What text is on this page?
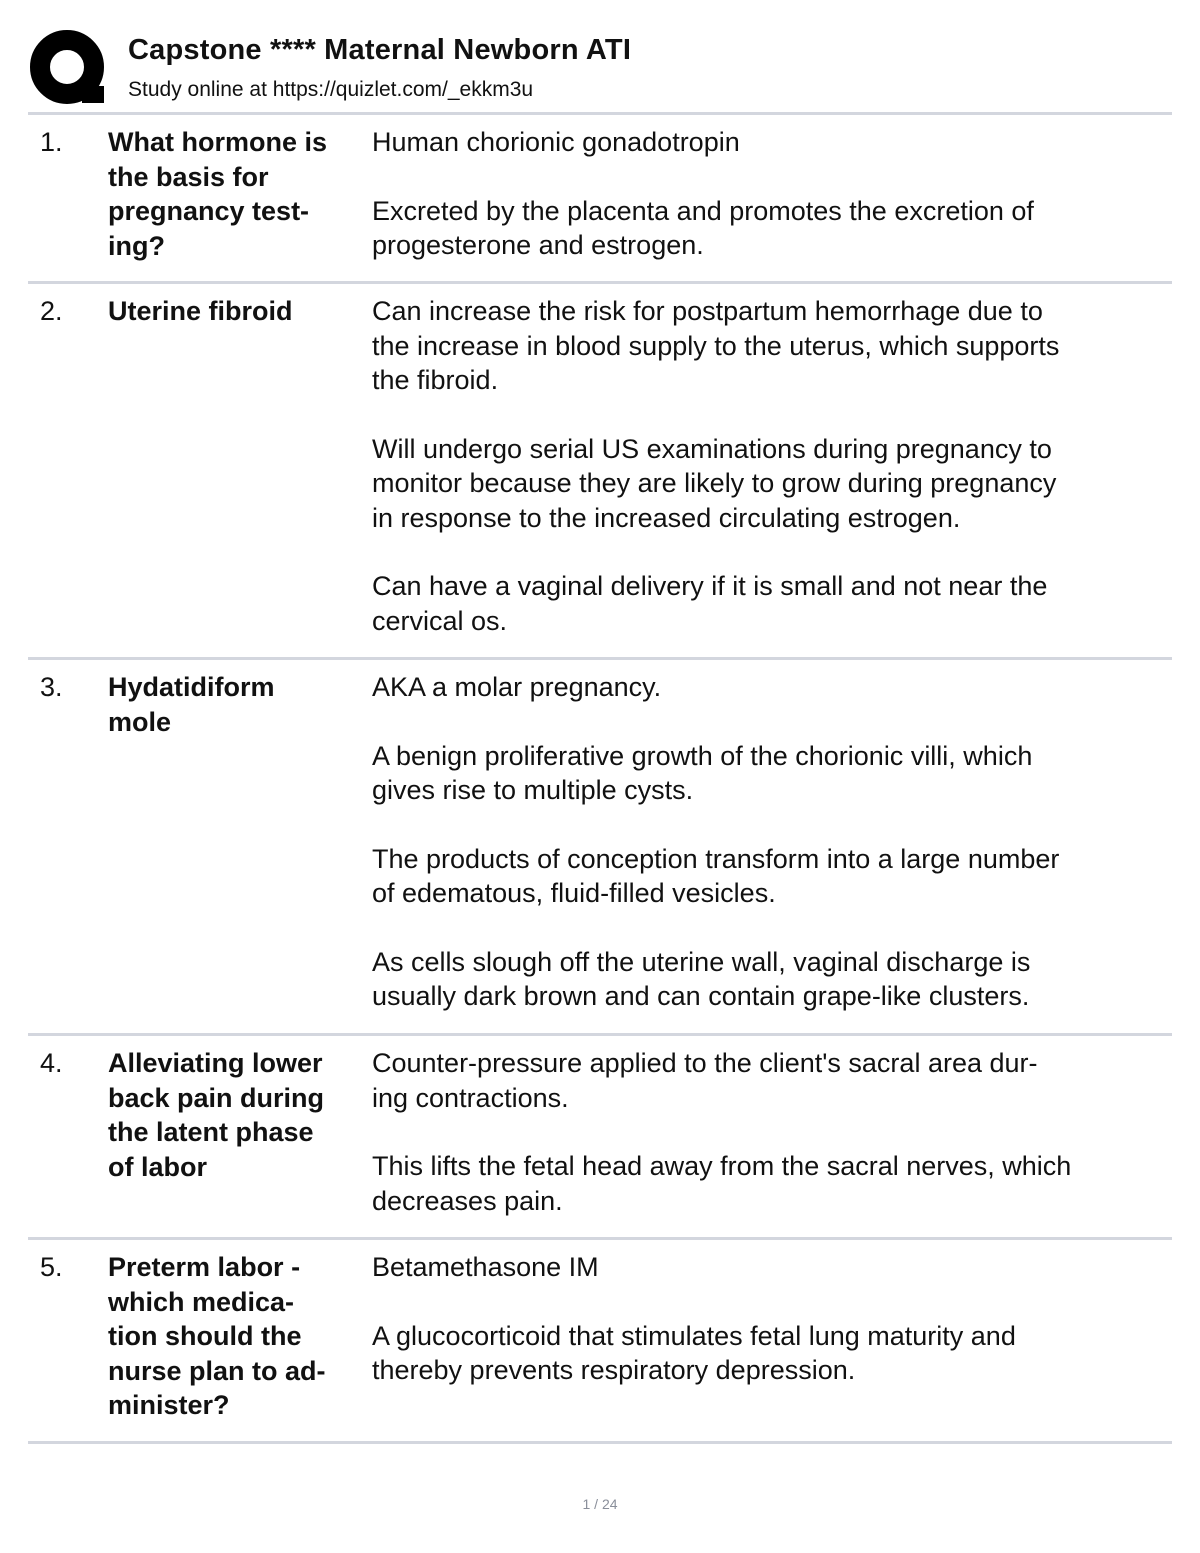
Capstone **** Maternal Newborn ATI
Study online at https://quizlet.com/_ekkm3u
1. What hormone is
the basis for
pregnancy test-
ing?

Human chorionic gonadotropin

Excreted by the placenta and promotes the excretion of
progesterone and estrogen.

2. Uterine fibroid	Can increase the risk for postpartum hemorrhage due to
the increase in blood supply to the uterus, which supports
the fibroid.

Will undergo serial US examinations during pregnancy to
monitor because they are likely to grow during pregnancy
in response to the increased circulating estrogen.

Can have a vaginal delivery if it is small and not near the
cervical os.

3. Hydatidiform
mole

AKA a molar pregnancy.

A benign proliferative growth of the chorionic villi, which
gives rise to multiple cysts.

The products of conception transform into a large number
of edematous, fluid-filled vesicles.

As cells slough off the uterine wall, vaginal discharge is
usually dark brown and can contain grape-like clusters.

4. Alleviating lower
back pain during
the latent phase
of labor

Counter-pressure applied to the client's sacral area dur-
ing contractions.

This lifts the fetal head away from the sacral nerves, which
decreases pain.

5. Preterm labor -
which medica-
tion should the
nurse plan to ad-
minister?

Betamethasone IM

A glucocorticoid that stimulates fetal lung maturity and
thereby prevents respiratory depression.

1 / 24
